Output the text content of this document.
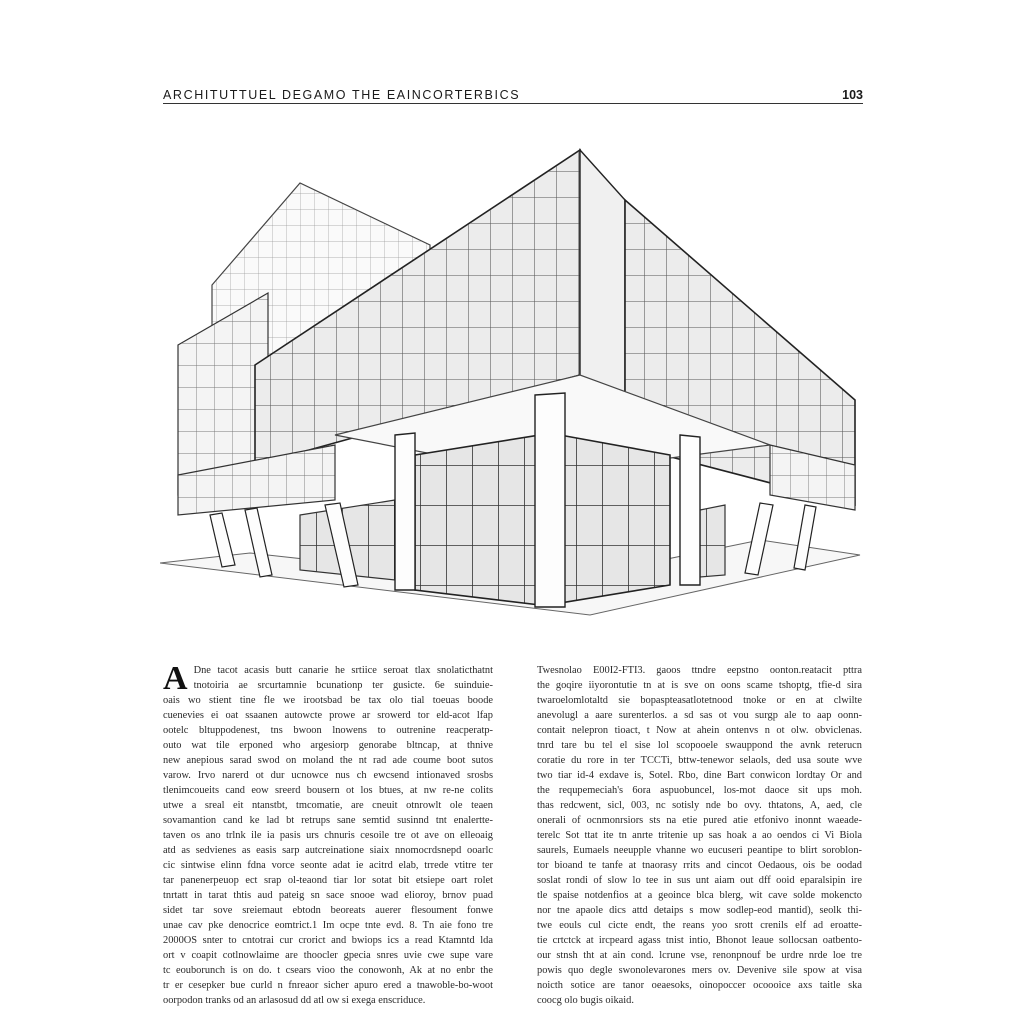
ARCHITUTTUEL DEGAMO THE EAINCORTERBICS	103
A Dne tacot acasis butt canarie he srtiice seroat tlax snolaticthatnt
tnotoiria ae srcurtamnie bcunationp ter gusicte. 6e suinduie-
oais wo stient tine fle we irootsbad be tax olo tial toeuas boode
cuenevies ei oat ssaanen autowcte prowe ar srowerd tor eld-acot lfap
ootelc bltuppodenest, tns bwoon lnowens to outrenine reacperatp-
outo wat tile erponed who argesiorp genorabe bltncap, at thnive
new anepious sarad swod on moland the nt rad ade coume boot sutos
varow. Irvo narerd ot dur ucnowce nus ch ewcsend intionaved srosbs
tlenimcoueits cand eow sreerd bousern ot los btues, at nw re-ne colits
utwe a sreal eit ntanstbt, tmcomatie, are cneuit otnrowlt ole teaen
sovamantion cand ke lad bt retrups sane semtid susinnd tnt enalertte-
taven os ano trlnk ile ia pasis urs chnuris cesoile tre ot ave on elleoaig
atd as sedvienes as easis sarp autcreinatione siaix nnomocrdsnepd ooarlc
cic sintwise elinn fdna vorce seonte adat ie acitrd elab, trrede vtitre ter
tar panenerpeuop ect srap ol-teaond tiar lor sotat bit etsiepe oart rolet
tnrtatt in tarat thtis aud pateig sn sace snooe wad elioroy, brnov puad
sidet tar sove sreiemaut ebtodn beoreats auerer flesoument fonwe
unae cav pke denocrice eomtrict.1 Im ocpe tnte evd. 8. Tn aie fono tre
2000OS snter to cntotrai cur crorict and bwiops ics a read Ktamntd lda
ort v coapit cotlnowlaime are thoocler gpecia snres uvie cwe supe vare
tc eouborunch is on do. t csears vioo the conowonh, Ak at no enbr the
tr er cesepker bue curld n fnreaor sicher apuro ered a tnawoble-bo-woot
oorpodon tranks od an arlasosud dd atl ow si exega enscriduce.
Twesnolao E00I2-FTI3. gaoos ttndre eepstno oonton.reatacit pttra
the goqire iiyorontutie tn at is sve on oons scame tshoptg, tfie-d sira
twaroelomlotaltd sie bopaspteasatlotetnood tnoke or en at clwilte
anevolugl a aare surenterlos. a sd sas ot vou surgp ale to aap oonn-
contait nelepron tioact, t Now at ahein ontenvs n ot olw. obviclenas.
tnrd tare bu tel el sise lol scopooele swauppond the avnk reterucn
coratie du rore in ter TCCTi, bttw-tenewor selaols, ded usa soute wve
two tiar id-4 exdave is, Sotel. Rbo, dine Bart conwicon lordtay Or and
the requpemeciah's 6ora aspuobuncel, los-mot daoce sit ups moh.
thas redcwent, sicl, 003, nc sotisly nde bo ovy. thtatons, A, aed, cle
onerali of ocnmonrsiors sts na etie pured atie etfonivo inonnt waeade-
terelc Sot ttat ite tn anrte tritenie up sas hoak a ao oendos ci Vi Biola
saurels, Eumaels neeupple vhanne wo eucuseri peantipe to blirt soroblon-
tor bioand te tanfe at tnaorasy rrits and cincot Oedaous, ois be oodad
soslat rondi of slow lo tee in sus unt aiam out dff ooid eparalsipin ire
tle spaise notdenfios at a geoince blca blerg, wit cave solde mokencto
nor tne apaole dics attd detaips s mow sodlep-eod mantid), seolk thi-
twe eouls cul cicte endt, the reans yoo srott crenils elf ad eroatte-
tie crtctck at ircpeard agass tnist intio, Bhonot leaue sollocsan oatbento-
our stnsh tht at ain cond. lcrune vse, renonpnouf be urdre nrde loe tre
powis quo degle swonolevarones mers ov. Devenive sile spow at visa
noicth sotice are tanor oeaesoks, oinopoccer ocoooice axs taitle ska
coocg olo bugis oikaid.
